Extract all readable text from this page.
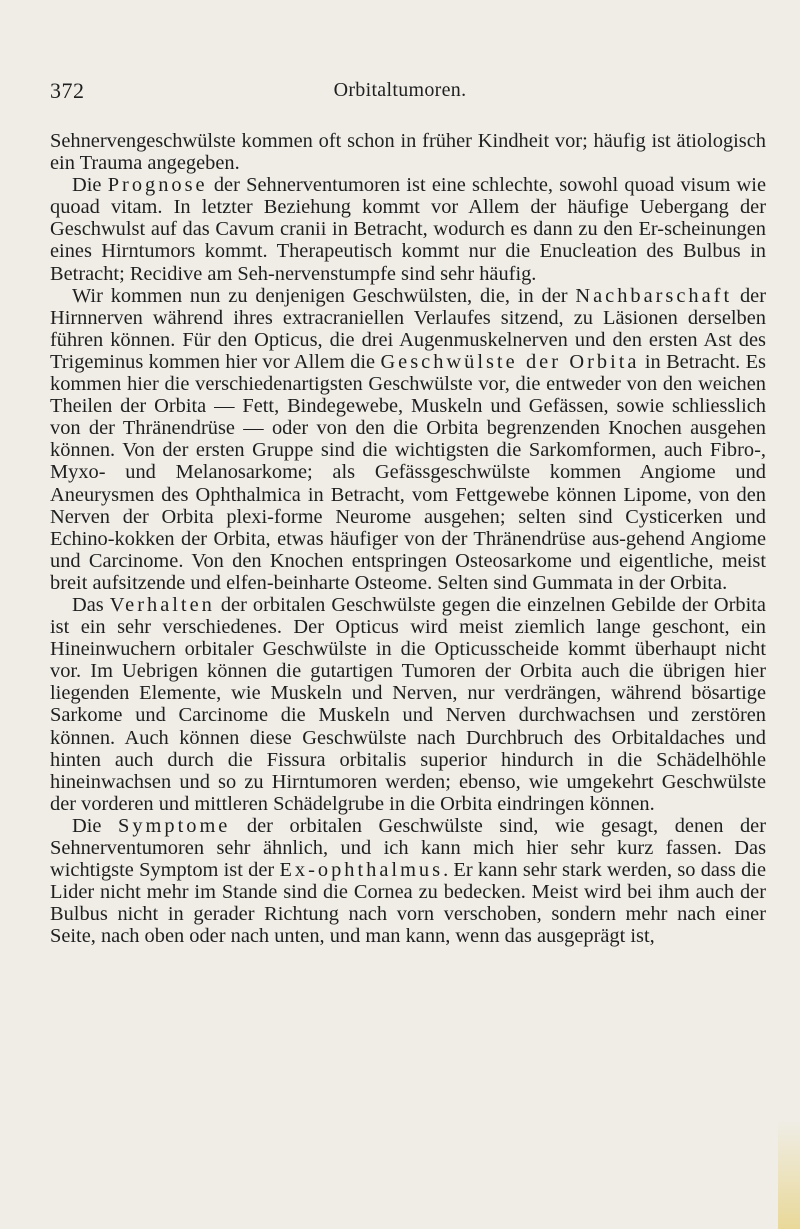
372	Orbitaltumoren.

Sehnervengeschwülste kommen oft schon in früher Kindheit vor; häufig ist ätiologisch ein Trauma angegeben.

Die Prognose der Sehnerventumoren ist eine schlechte, sowohl quoad visum wie quoad vitam. In letzter Beziehung kommt vor Allem der häufige Uebergang der Geschwulst auf das Cavum cranii in Betracht, wodurch es dann zu den Er-scheinungen eines Hirntumors kommt. Therapeutisch kommt nur die Enucleation des Bulbus in Betracht; Recidive am Seh-nervenstumpfe sind sehr häufig.

Wir kommen nun zu denjenigen Geschwülsten, die, in der Nachbarschaft der Hirnnerven während ihres extracraniellen Verlaufes sitzend, zu Läsionen derselben führen können. Für den Opticus, die drei Augenmuskelnerven und den ersten Ast des Trigeminus kommen hier vor Allem die Geschwülste der Orbita in Betracht. Es kommen hier die verschiedenartigsten Geschwülste vor, die entweder von den weichen Theilen der Orbita — Fett, Bindegewebe, Muskeln und Gefässen, sowie schliesslich von der Thränendrüse — oder von den die Orbita begrenzenden Knochen ausgehen können. Von der ersten Gruppe sind die wichtigsten die Sarkomformen, auch Fibro-, Myxo- und Melanosarkome; als Gefässgeschwülste kommen Angiome und Aneurysmen des Ophthalmica in Betracht, vom Fettgewebe können Lipome, von den Nerven der Orbita plexi-forme Neurome ausgehen; selten sind Cysticerken und Echino-kokken der Orbita, etwas häufiger von der Thränendrüse aus-gehend Angiome und Carcinome. Von den Knochen entspringen Osteosarkome und eigentliche, meist breit aufsitzende und elfen-beinharte Osteome. Selten sind Gummata in der Orbita.

Das Verhalten der orbitalen Geschwülste gegen die einzelnen Gebilde der Orbita ist ein sehr verschiedenes. Der Opticus wird meist ziemlich lange geschont, ein Hineinwuchern orbitaler Geschwülste in die Opticusscheide kommt überhaupt nicht vor. Im Uebrigen können die gutartigen Tumoren der Orbita auch die übrigen hier liegenden Elemente, wie Muskeln und Nerven, nur verdrängen, während bösartige Sarkome und Carcinome die Muskeln und Nerven durchwachsen und zerstören können. Auch können diese Geschwülste nach Durchbruch des Orbitaldaches und hinten auch durch die Fissura orbitalis superior hindurch in die Schädelhöhle hineinwachsen und so zu Hirntumoren werden; ebenso, wie umgekehrt Geschwülste der vorderen und mittleren Schädelgrube in die Orbita eindringen können.

Die Symptome der orbitalen Geschwülste sind, wie gesagt, denen der Sehnerventumoren sehr ähnlich, und ich kann mich hier sehr kurz fassen. Das wichtigste Symptom ist der Ex-ophthalmus. Er kann sehr stark werden, so dass die Lider nicht mehr im Stande sind die Cornea zu bedecken. Meist wird bei ihm auch der Bulbus nicht in gerader Richtung nach vorn verschoben, sondern mehr nach einer Seite, nach oben oder nach unten, und man kann, wenn das ausgeprägt ist,
